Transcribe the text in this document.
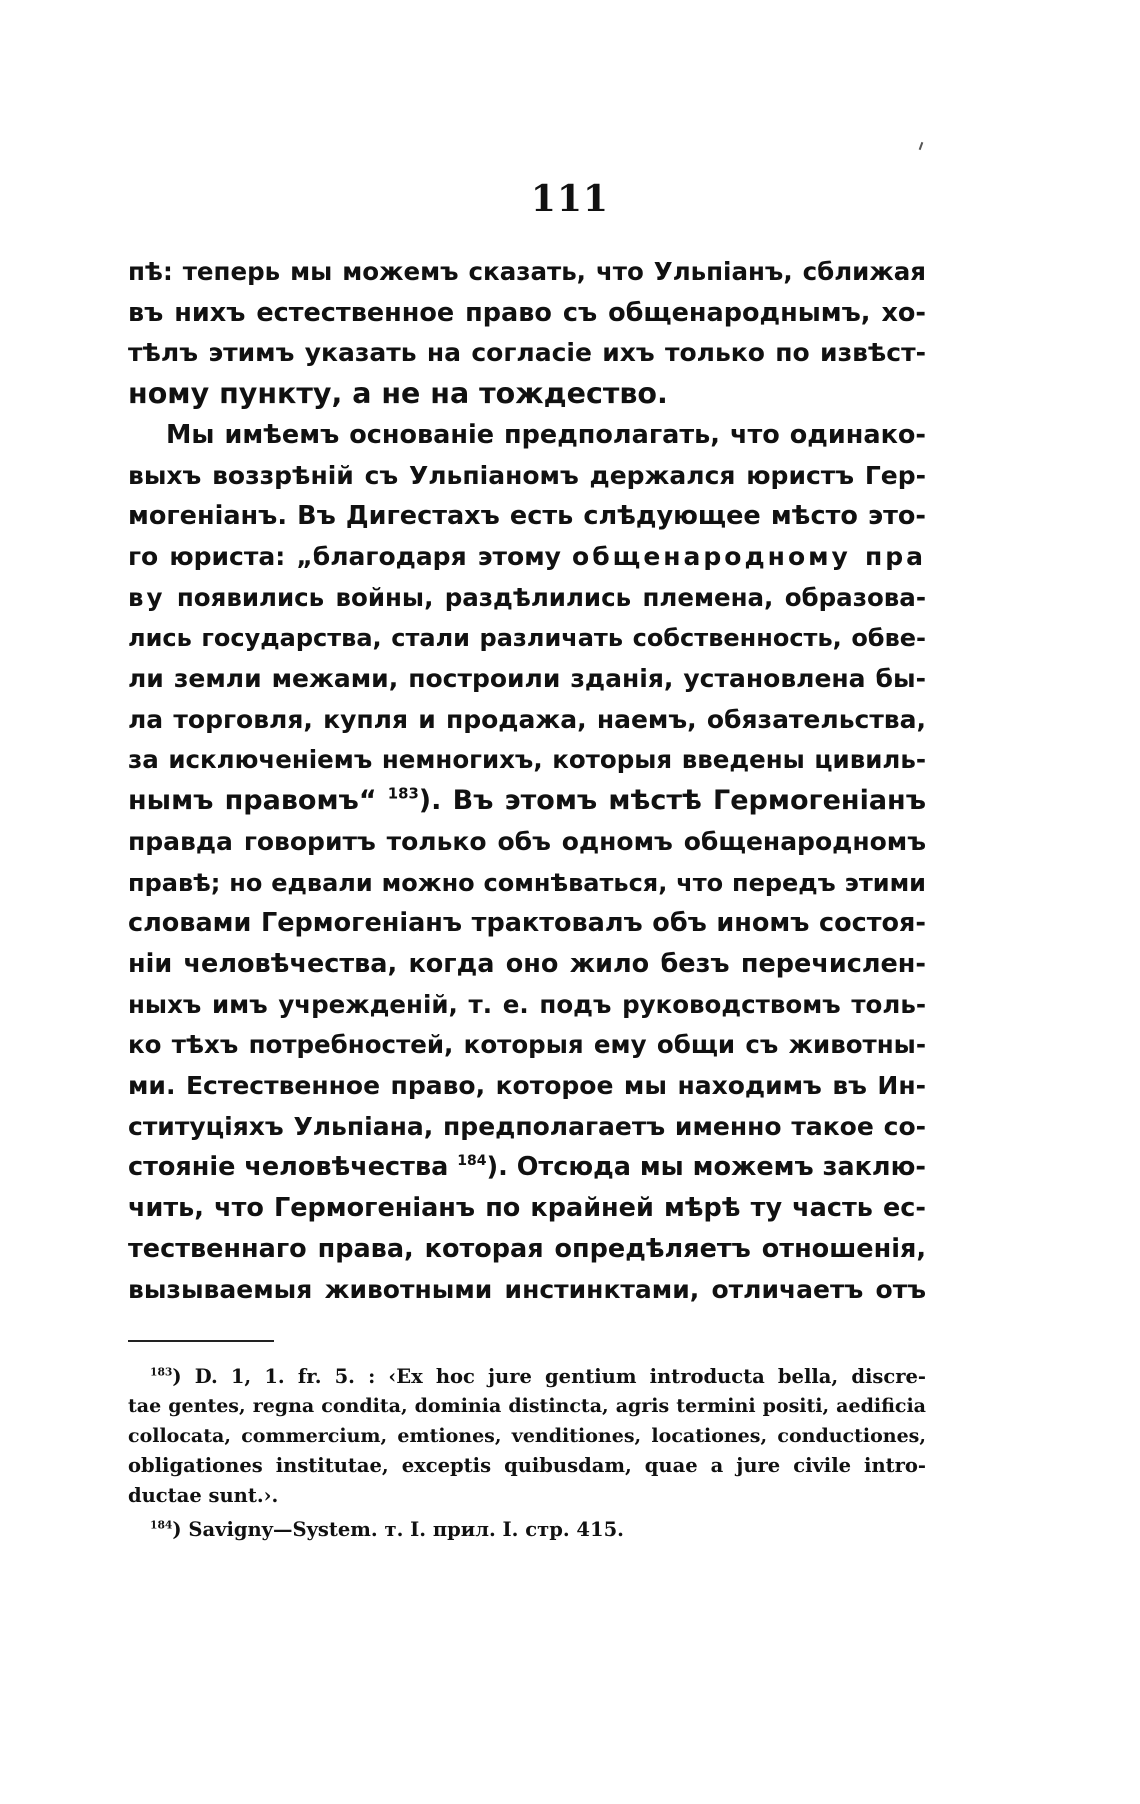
111
пѣ: теперь мы можемъ сказать, что Ульпіанъ, сближая
въ нихъ естественное право съ общенароднымъ, хо-
тѣлъ этимъ указать на согласіе ихъ только по извѣст-
ному пункту, а не на тождество.
Мы имѣемъ основаніе предполагать, что одинако-
выхъ воззрѣній съ Ульпіаномъ держался юристъ Гер-
могеніанъ. Въ Дигестахъ есть слѣдующее мѣсто это-
го юриста: „благодаря этому общенародному пра
ву появились войны, раздѣлились племена, образова-
лись государства, стали различать собственность, обве-
ли земли межами, построили зданія, установлена бы-
ла торговля, купля и продажа, наемъ, обязательства,
за исключеніемъ немногихъ, которыя введены цивиль-
нымъ правомъ“ $^{183}$). Въ этомъ мѣстѣ Гермогеніанъ
правда говоритъ только объ одномъ общенародномъ
правѣ; но едвали можно сомнѣваться, что передъ этими
словами Гермогеніанъ трактовалъ объ иномъ состоя-
ніи человѣчества, когда оно жило безъ перечислен-
ныхъ имъ учрежденій, т. е. подъ руководствомъ толь-
ко тѣхъ потребностей, которыя ему общи съ животны-
ми. Естественное право, которое мы находимъ въ Ин-
ституціяхъ Ульпіана, предполагаетъ именно такое со-
стояніе человѣчества $^{184}$). Отсюда мы можемъ заклю-
чить, что Гермогеніанъ по крайней мѣрѣ ту часть ес-
тественнаго права, которая опредѣляетъ отношенія,
вызываемыя животными инстинктами, отличаетъ отъ
$^{183}$) D. 1, 1. fr. 5. : ‹Ex hoc jure gentium introducta bella, discre-
tae gentes, regna condita, dominia distincta, agris termini positi, aedificia
collocata, commercium, emtiones, venditiones, locationes, conductiones,
obligationes institutae, exceptis quibusdam, quae a jure civile intro-
ductae sunt.›.
$^{184}$) Savigny—System. т. I. прил. I. стр. 415.
